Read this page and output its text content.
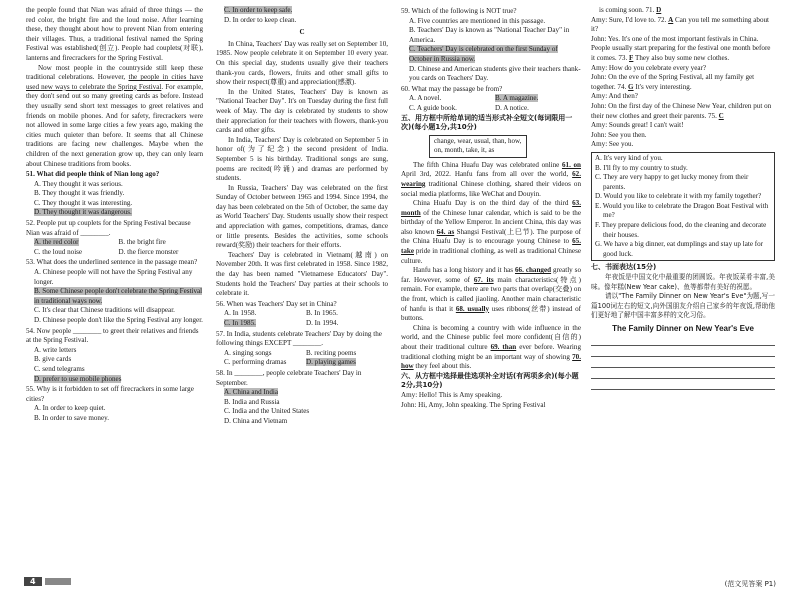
the people found that Nian was afraid of three things — the red color, the bright fire and the loud noise. After learning these, they thought about how to prevent Nian from entering their villages. Thus, a traditional festival named the Spring Festival was established(创立). People had couplets(对联), lanterns and firecrackers for the Spring Festival.

Now most people in the countryside still keep these traditional celebrations. However, the people in cities have used new ways to celebrate the Spring Festival. For example, they don't send out so many greeting cards as before. Instead they usually send short text messages to greet relatives and friends on mobile phones. And for safety, firecrackers were not allowed in some large cities a few years ago, making the cities much quieter than before. It seems that all Chinese traditions are facing new challenges. Maybe when the children of the next generation grow up, they can only learn about Chinese traditions from books.

51. What did people think of Nian long ago?

A. They thought it was serious.

B. They thought it was friendly.

C. They thought it was interesting.

D. They thought it was dangerous.

52. People put up couplets for the Spring Festival because Nian was afraid of ________.

A. the red color	B. the bright fire
C. the loud noise	D. the fierce monster

53. What does the underlined sentence in the passage mean?

A. Chinese people will not have the Spring Festival any longer.

B. Some Chinese people don't celebrate the Spring Festival in traditional ways now.

C. It's clear that Chinese traditions will disappear.

D. Chinese people don't like the Spring Festival any longer.

54. Now people ________ to greet their relatives and friends at the Spring Festival.

A. write letters

B. give cards

C. send telegrams

D. prefer to use mobile phones

55. Why is it forbidden to set off firecrackers in some large cities?

A. In order to keep quiet.

B. In order to save money.

C. In order to keep safe.

D. In order to keep clean.

C

In China, Teachers' Day was really set on September 10, 1985. Now people celebrate it on September 10 every year. On this special day, students usually give their teachers thank-you cards, flowers, fruits and other small gifts to show their respect(尊重) and appreciation(感激).

In the United States, Teachers' Day is known as "National Teacher Day". It's on Tuesday during the first full week of May. The day is celebrated by students to show their appreciation for their teachers with flowers, thank-you cards and other gifts.

In India, Teachers' Day is celebrated on September 5 in honor of(为了纪念) the second president of India. September 5 is his birthday. Traditional songs are sung, poems are recited(吟诵) and dramas are performed by students.

In Russia, Teachers' Day was celebrated on the first Sunday of October between 1965 and 1994. Since 1994, the day has been celebrated on the 5th of October, the same day as World Teachers' Day. Students usually show their respect and appreciation with games, competitions, dramas, dance or little presents. Besides the activities, some schools reward(奖励) their teachers for their efforts.

Teachers' Day is celebrated in Vietnam(越南) on November 20th. It was first celebrated in 1958. Since 1982, the day has been named "Vietnamese Educators' Day". Students hold the Teachers' Day parties at their schools to celebrate it.

56. When was Teachers' Day set in China?

A. In 1958.	B. In 1965.
C. In 1985.	D. In 1994.

57. In India, students celebrate Teachers' Day by doing the following things EXCEPT ________.

A. singing songs	B. reciting poems
C. performing dramas	D. playing games

58. In ________, people celebrate Teachers' Day in September.

A. China and India

B. India and Russia

C. India and the United States

D. China and Vietnam

59. Which of the following is NOT true?

A. Five countries are mentioned in this passage.

B. Teachers' Day is known as "National Teacher Day" in America.

C. Teachers' Day is celebrated on the first Sunday of October in Russia now.

D. Chinese and American students give their teachers thank-you cards on Teachers' Day.

60. What may the passage be from?

A. A novel.	B. A magazine.
C. A guide book.	D. A notice.

五、用方框中所给单词的适当形式补全短文(每词限用一次)(每小题1分,共10分)

change, wear, usual, than, how, on, month, take, it, as

The fifth China Huafu Day was celebrated online 61. on April 3rd, 2022. Hanfu fans from all over the world, 62. wearing traditional Chinese clothing, shared their videos on social media platforms, like WeChat and Douyin.

China Huafu Day is on the third day of the third 63. month of the Chinese lunar calendar, which is said to be the birthday of the Yellow Emperor. In ancient China, this day was also known 64. as Shangsi Festival(上巳节). The purpose of the China Huafu Day is to encourage young Chinese to 65. take pride in traditional clothing, as well as traditional Chinese culture.

Hanfu has a long history and it has 66. changed greatly so far. However, some of 67. its main characteristics(特点) remain. For example, there are two parts that overlap(交叠) on the front, which is called jiaoling. Another main characteristic of hanfu is that it 68. usually uses ribbons(丝带) instead of buttons.

China is becoming a country with wide influence in the world, and the Chinese public feel more confident(自信的) about their traditional culture 69. than ever before. Wearing traditional clothing might be an important way of showing 70. how they feel about this.

六、从方框中选择最佳选项补全对话(有两项多余)(每小题2分,共10分)

Amy: Hello! This is Amy speaking.

John: Hi, Amy, John speaking. The Spring Festival

is coming soon. 71. D

Amy: Sure, I'd love to. 72. A Can you tell me something about it?

John: Yes. It's one of the most important festivals in China. People usually start preparing for the festival one month before it comes. 73. F They also buy some new clothes.

Amy: How do you celebrate every year?

John: On the eve of the Spring Festival, all my family get together. 74. G It's very interesting.

Amy: And then?

John: On the first day of the Chinese New Year, children put on their new clothes and greet their parents. 75. C

Amy: Sounds great! I can't wait!

John: See you then.

Amy: See you.

A. It's very kind of you.

B. I'll fly to my country to study.

C. They are very happy to get lucky money from their parents.

D. Would you like to celebrate it with my family together?

E. Would you like to celebrate the Dragon Boat Festival with me?

F. They prepare delicious food, do the cleaning and decorate their houses.

G. We have a big dinner, eat dumplings and stay up late for good luck.

七、书面表达(15分)

年夜饭是中国文化中最重要的团圆饭。年夜饭菜肴丰富,美味。像年糕(New Year cake)、鱼等都带有美好的祝愿。

请以"The Family Dinner on New Year's Eve"为题,写一篇100词左右的短文,向外国朋友介绍自己家乡的年夜饭,帮助他们更好地了解中国丰富多样的文化习俗。

The Family Dinner on New Year's Eve

(范文见答案 P1)
4
